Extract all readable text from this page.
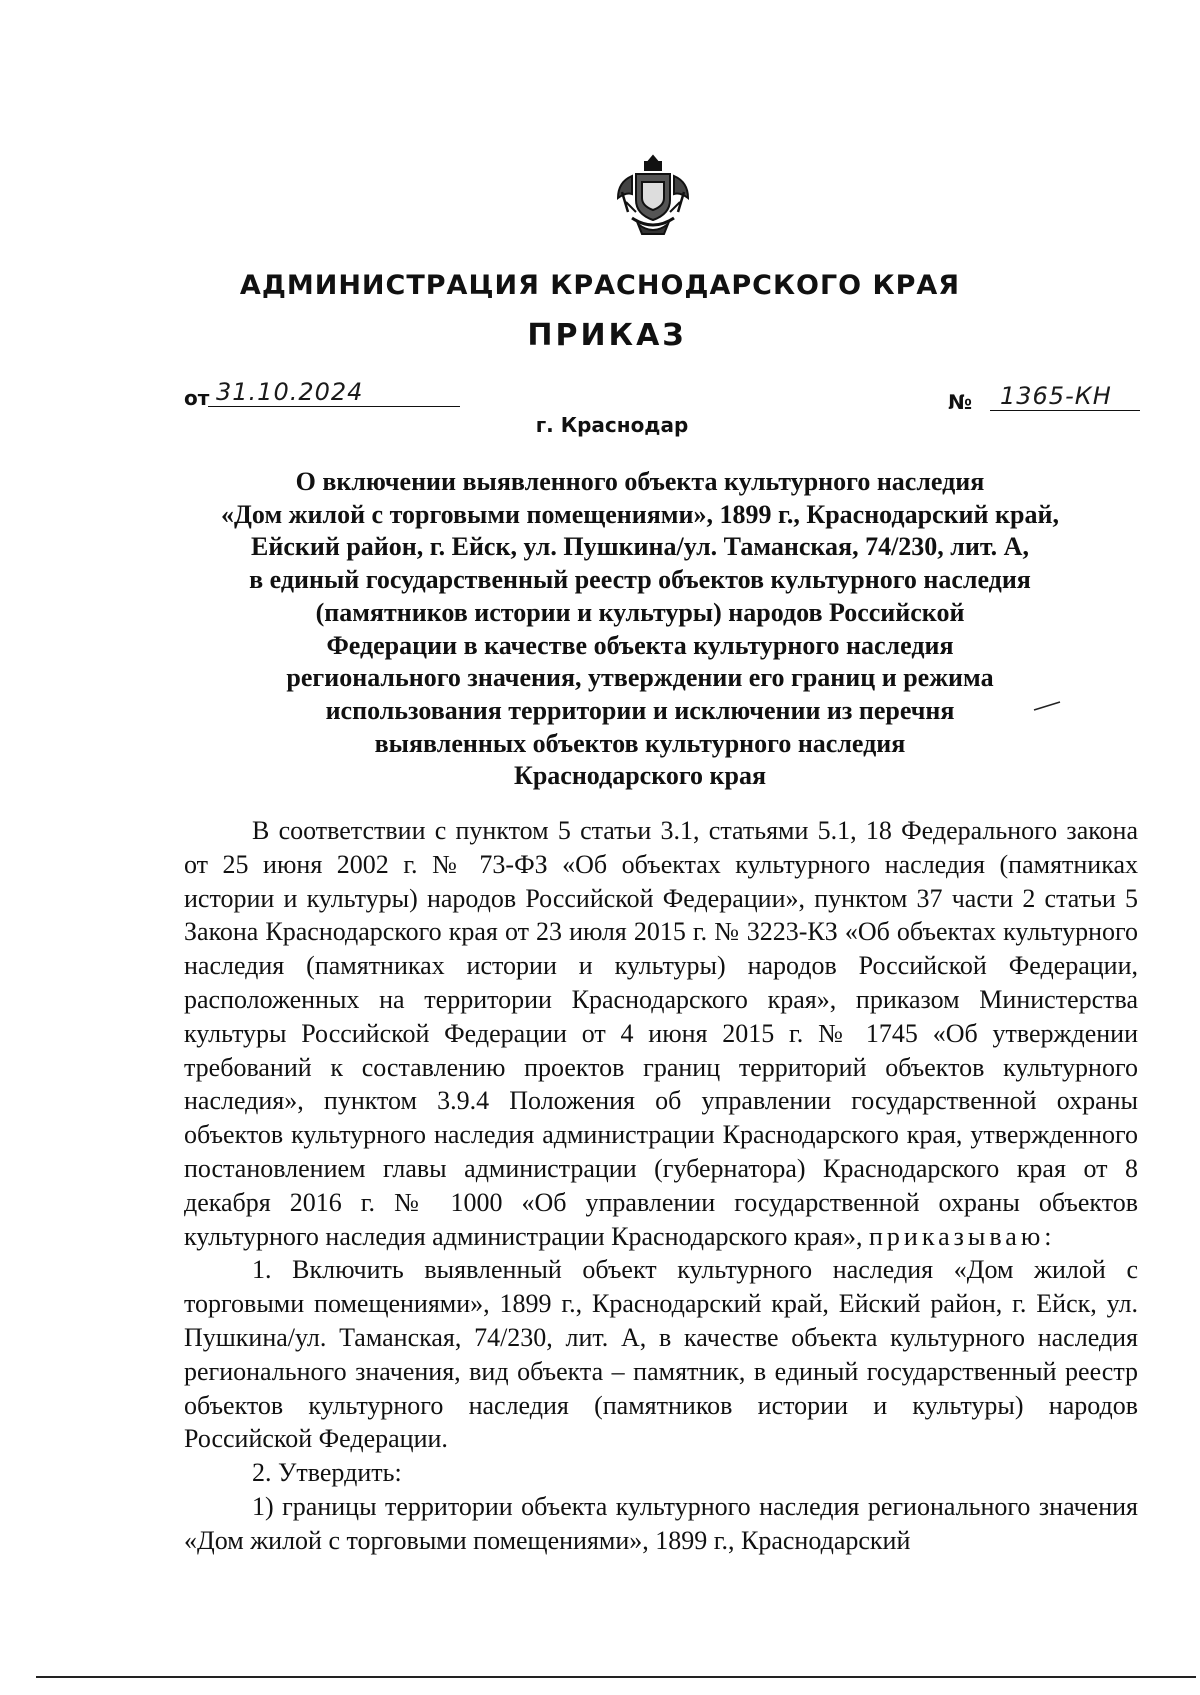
АДМИНИСТРАЦИЯ КРАСНОДАРСКОГО КРАЯ
ПРИКАЗ
от 31.10.2024	№ 1365-КН
г. Краснодар
О включении выявленного объекта культурного наследия
«Дом жилой с торговыми помещениями», 1899 г., Краснодарский край,
Ейский район, г. Ейск, ул. Пушкина/ул. Таманская, 74/230, лит. А,
в единый государственный реестр объектов культурного наследия
(памятников истории и культуры) народов Российской
Федерации в качестве объекта культурного наследия
регионального значения, утверждении его границ и режима
использования территории и исключении из перечня
выявленных объектов культурного наследия
Краснодарского края

В соответствии с пунктом 5 статьи 3.1, статьями 5.1, 18 Федерального закона от 25 июня 2002 г. № 73-ФЗ «Об объектах культурного наследия (памятниках истории и культуры) народов Российской Федерации», пунктом 37 части 2 статьи 5 Закона Краснодарского края от 23 июля 2015 г. № 3223-КЗ «Об объектах культурного наследия (памятниках истории и культуры) народов Российской Федерации, расположенных на территории Краснодарского края», приказом Министерства культуры Российской Федерации от 4 июня 2015 г. № 1745 «Об утверждении требований к составлению проектов границ территорий объектов культурного наследия», пунктом 3.9.4 Положения об управлении государственной охраны объектов культурного наследия администрации Краснодарского края, утвержденного постановлением главы администрации (губернатора) Краснодарского края от 8 декабря 2016 г. № 1000 «Об управлении государственной охраны объектов культурного наследия администрации Краснодарского края», приказываю:

1. Включить выявленный объект культурного наследия «Дом жилой с торговыми помещениями», 1899 г., Краснодарский край, Ейский район, г. Ейск, ул. Пушкина/ул. Таманская, 74/230, лит. А, в качестве объекта культурного наследия регионального значения, вид объекта – памятник, в единый государственный реестр объектов культурного наследия (памятников истории и культуры) народов Российской Федерации.

2. Утвердить:

1) границы территории объекта культурного наследия регионального значения «Дом жилой с торговыми помещениями», 1899 г., Краснодарский
